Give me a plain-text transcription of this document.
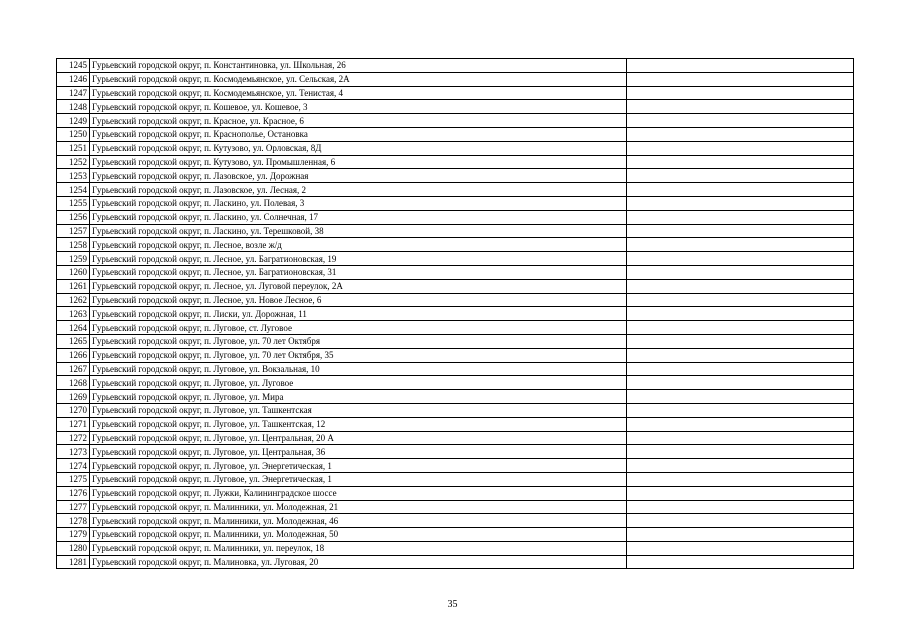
1245	Гурьевский городской округ, п. Константиновка, ул. Школьная, 26	
1246	Гурьевский городской округ, п. Космодемьянское, ул. Сельская, 2А	
1247	Гурьевский городской округ, п. Космодемьянское, ул. Тенистая, 4	
1248	Гурьевский городской округ, п. Кошевое, ул. Кошевое, 3	
1249	Гурьевский городской округ, п. Красное, ул. Красное, 6	
1250	Гурьевский городской округ, п. Краснополье, Остановка	
1251	Гурьевский городской округ, п. Кутузово, ул. Орловская, 8Д	
1252	Гурьевский городской округ, п. Кутузово, ул. Промышленная, 6	
1253	Гурьевский городской округ, п. Лазовское, ул. Дорожная	
1254	Гурьевский городской округ, п. Лазовское, ул. Лесная, 2	
1255	Гурьевский городской округ, п. Ласкино, ул. Полевая, 3	
1256	Гурьевский городской округ, п. Ласкино, ул. Солнечная, 17	
1257	Гурьевский городской округ, п. Ласкино, ул. Терешковой, 38	
1258	Гурьевский городской округ, п. Лесное, возле ж/д	
1259	Гурьевский городской округ, п. Лесное, ул. Багратионовская, 19	
1260	Гурьевский городской округ, п. Лесное, ул. Багратионовская, 31	
1261	Гурьевский городской округ, п. Лесное, ул. Луговой переулок, 2А	
1262	Гурьевский городской округ, п. Лесное, ул. Новое Лесное, 6	
1263	Гурьевский городской округ, п. Лиски, ул. Дорожная, 11	
1264	Гурьевский городской округ, п. Луговое, ст. Луговое	
1265	Гурьевский городской округ, п. Луговое, ул. 70 лет Октября	
1266	Гурьевский городской округ, п. Луговое, ул. 70 лет Октября, 35	
1267	Гурьевский городской округ, п. Луговое, ул. Вокзальная, 10	
1268	Гурьевский городской округ, п. Луговое, ул. Луговое	
1269	Гурьевский городской округ, п. Луговое, ул. Мира	
1270	Гурьевский городской округ, п. Луговое, ул. Ташкентская	
1271	Гурьевский городской округ, п. Луговое, ул. Ташкентская, 12	
1272	Гурьевский городской округ, п. Луговое, ул. Центральная, 20 А	
1273	Гурьевский городской округ, п. Луговое, ул. Центральная, 36	
1274	Гурьевский городской округ, п. Луговое, ул. Энергетическая, 1	
1275	Гурьевский городской округ, п. Луговое, ул. Энергетическая, 1	
1276	Гурьевский городской округ, п. Лужки, Калининградское шоссе	
1277	Гурьевский городской округ, п. Малинники, ул. Молодежная, 21	
1278	Гурьевский городской округ, п. Малинники, ул. Молодежная, 46	
1279	Гурьевский городской округ, п. Малинники, ул. Молодежная, 50	
1280	Гурьевский городской округ, п. Малинники, ул. переулок, 18	
1281	Гурьевский городской округ, п. Малиновка, ул. Луговая, 20	
35
